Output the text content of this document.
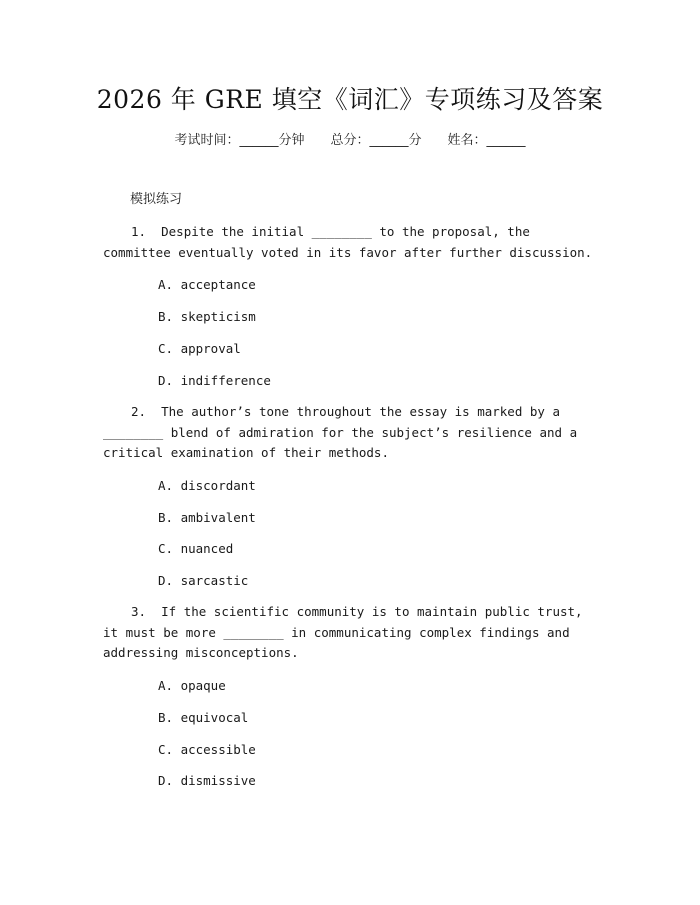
2026 年 GRE 填空《词汇》专项练习及答案
考试时间：______分钟 总分：______分 姓名：______
模拟练习
1. Despite the initial ________ to the proposal, the committee eventually voted in its favor after further discussion.
A. acceptance
B. skepticism
C. approval
D. indifference
2. The author’s tone throughout the essay is marked by a ________ blend of admiration for the subject’s resilience and a critical examination of their methods.
A. discordant
B. ambivalent
C. nuanced
D. sarcastic
3. If the scientific community is to maintain public trust, it must be more ________ in communicating complex findings and addressing misconceptions.
A. opaque
B. equivocal
C. accessible
D. dismissive
